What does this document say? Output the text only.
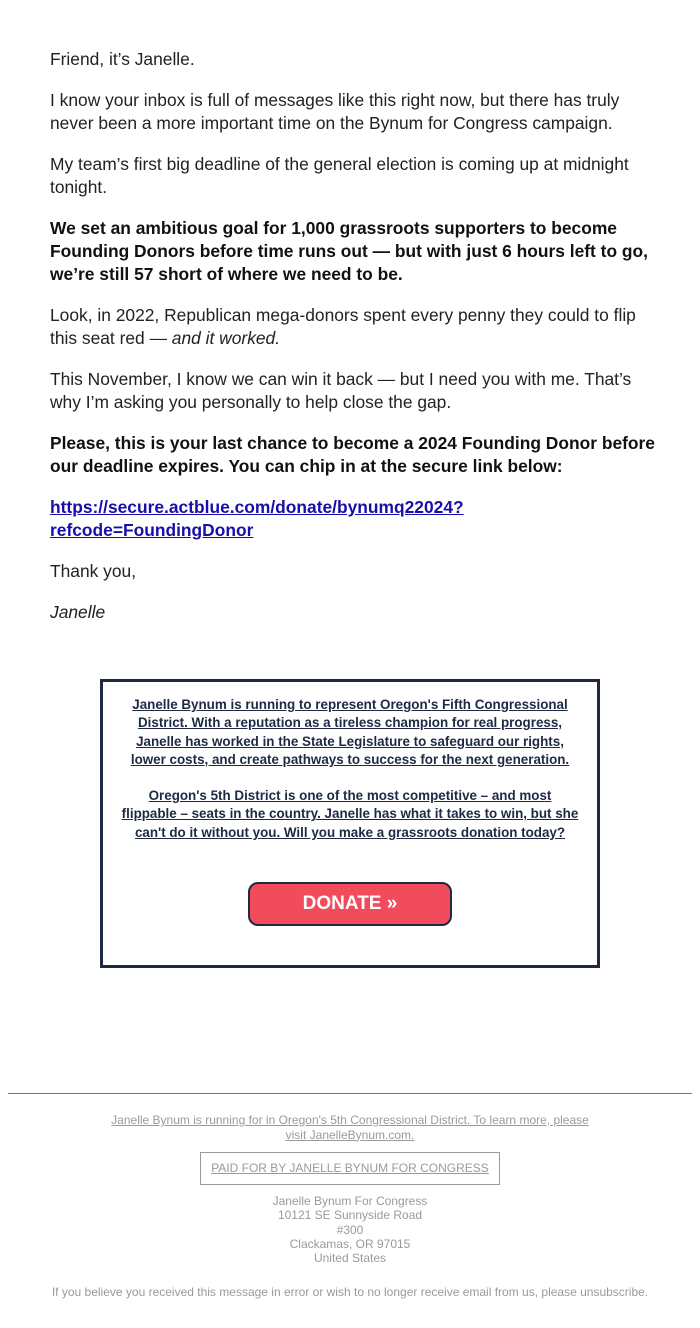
Friend, it’s Janelle.

I know your inbox is full of messages like this right now, but there has truly never been a more important time on the Bynum for Congress campaign.

My team’s first big deadline of the general election is coming up at midnight tonight.

We set an ambitious goal for 1,000 grassroots supporters to become Founding Donors before time runs out — but with just 6 hours left to go, we’re still 57 short of where we need to be.

Look, in 2022, Republican mega-donors spent every penny they could to flip this seat red — and it worked.

This November, I know we can win it back — but I need you with me. That’s why I’m asking you personally to help close the gap.

Please, this is your last chance to become a 2024 Founding Donor before our deadline expires. You can chip in at the secure link below:

https://secure.actblue.com/donate/bynumq22024?
refcode=FoundingDonor

Thank you,

Janelle

Janelle Bynum is running to represent Oregon's Fifth Congressional District. With a reputation as a tireless champion for real progress, Janelle has worked in the State Legislature to safeguard our rights, lower costs, and create pathways to success for the next generation.

Oregon's 5th District is one of the most competitive – and most flippable – seats in the country. Janelle has what it takes to win, but she can't do it without you. Will you make a grassroots donation today?

DONATE »
Janelle Bynum is running for in Oregon's 5th Congressional District. To learn more, please visit JanelleBynum.com.
PAID FOR BY JANELLE BYNUM FOR CONGRESS
Janelle Bynum For Congress
10121 SE Sunnyside Road
#300
Clackamas, OR 97015
United States
If you believe you received this message in error or wish to no longer receive email from us, please unsubscribe.
